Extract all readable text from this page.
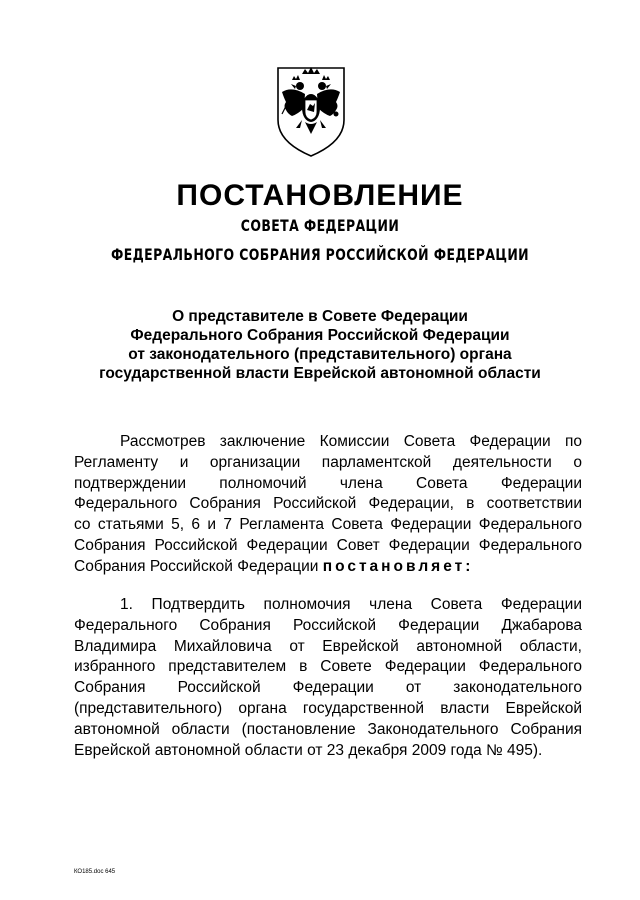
ПОСТАНОВЛЕНИЕ
СОВЕТА ФЕДЕРАЦИИ
ФЕДЕРАЛЬНОГО СОБРАНИЯ РОССИЙСКОЙ ФЕДЕРАЦИИ
О представителе в Совете Федерации
Федерального Собрания Российской Федерации
от законодательного (представительного) органа
государственной власти Еврейской автономной области
Рассмотрев заключение Комиссии Совета Федерации по
Регламенту и организации парламентской деятельности о
подтверждении полномочий члена Совета Федерации
Федерального Собрания Российской Федерации, в соответствии
со статьями 5, 6 и 7 Регламента Совета Федерации Федерального
Собрания Российской Федерации Совет Федерации Федерального
Собрания Российской Федерации постановляет:
1. Подтвердить полномочия члена Совета Федерации
Федерального Собрания Российской Федерации Джабарова
Владимира Михайловича от Еврейской автономной области,
избранного представителем в Совете Федерации Федерального
Собрания Российской Федерации от законодательного
(представительного) органа государственной власти Еврейской
автономной области (постановление Законодательного Собрания
Еврейской автономной области от 23 декабря 2009 года № 495).
КО185.doc 645
